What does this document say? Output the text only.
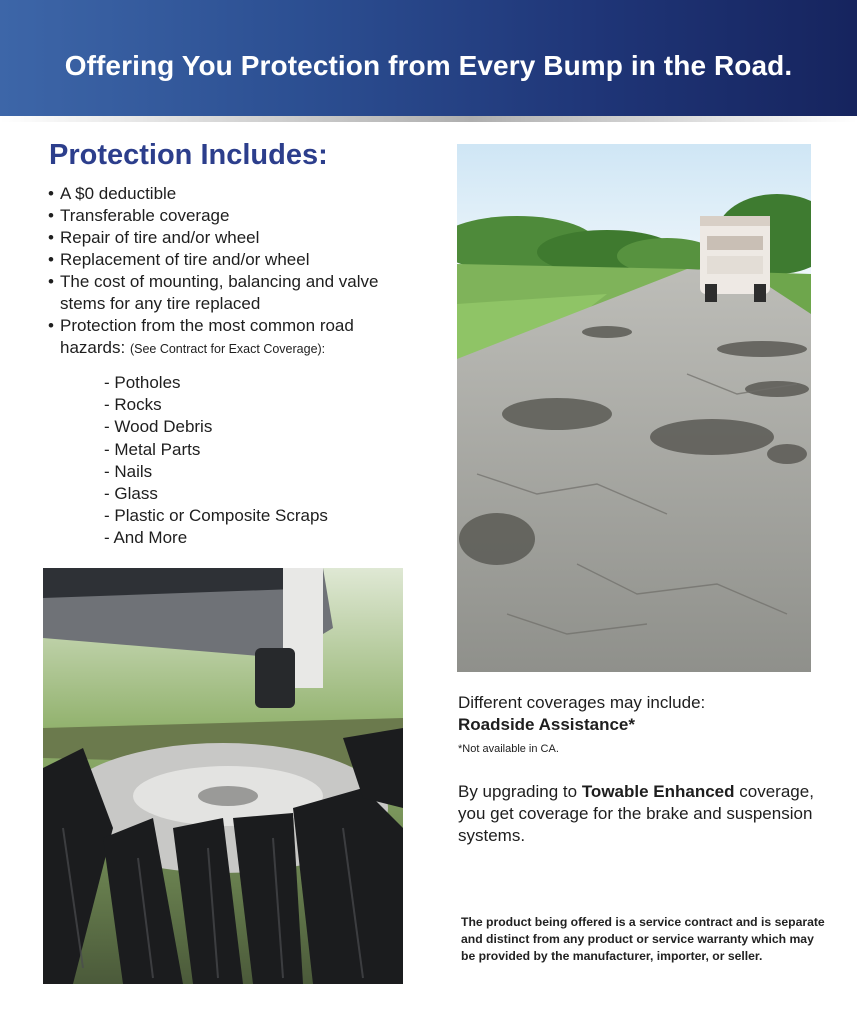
Offering You Protection from Every Bump in the Road.
Protection Includes:
• A $0 deductible
• Transferable coverage
• Repair of tire and/or wheel
• Replacement of tire and/or wheel
• The cost of mounting, balancing and valve stems for any tire replaced
• Protection from the most common road hazards: (See Contract for Exact Coverage):
- Potholes
- Rocks
- Wood Debris
- Metal Parts
- Nails
- Glass
- Plastic or Composite Scraps
- And More
Different coverages may include:
Roadside Assistance*
*Not available in CA.
By upgrading to Towable Enhanced coverage, you get coverage for the brake and suspension systems.
The product being offered is a service contract and is separate and distinct from any product or service warranty which may be provided by the manufacturer, importer, or seller.
